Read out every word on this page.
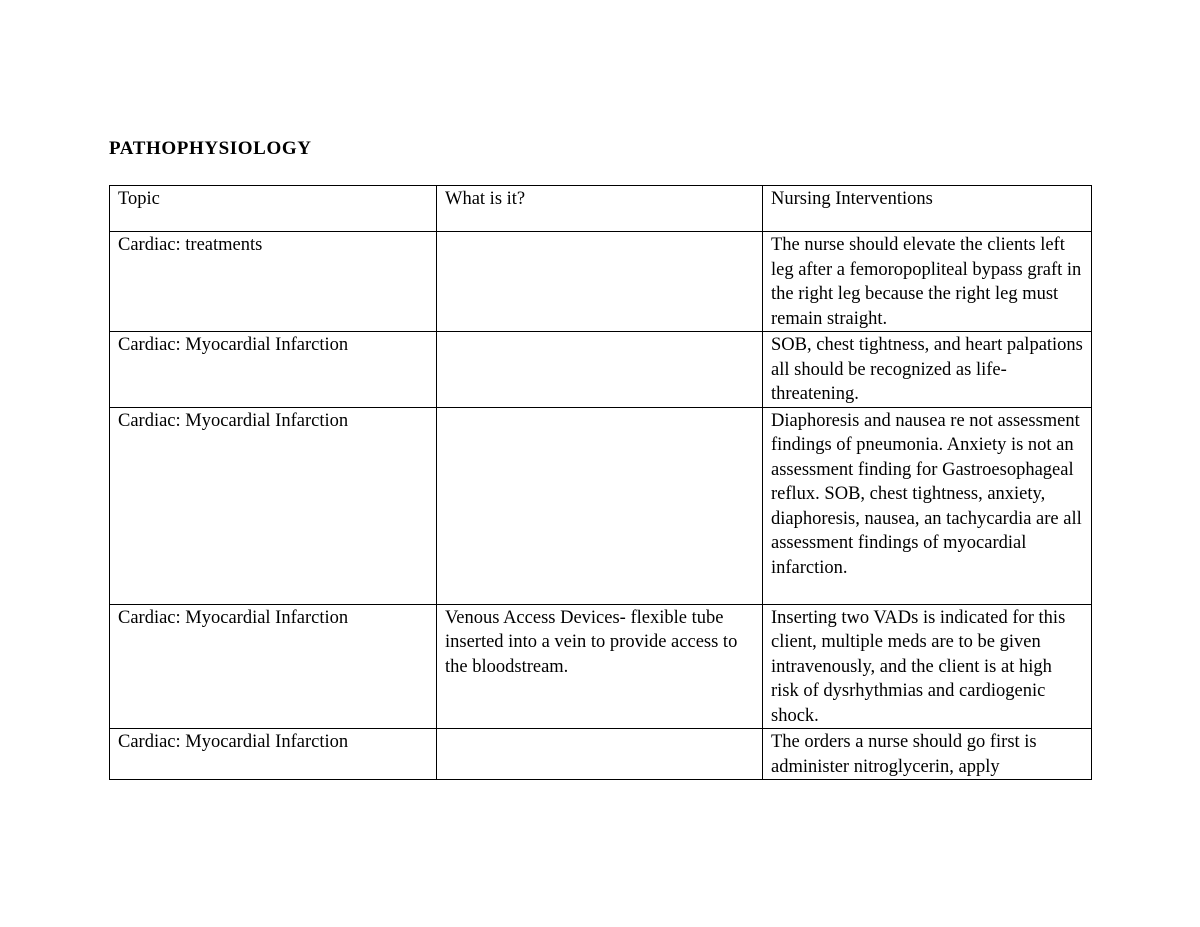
PATHOPHYSIOLOGY
Topic	What is it?	Nursing Interventions
Cardiac: treatments		The nurse should elevate the clients left leg after a femoropopliteal bypass graft in the right leg because the right leg must remain straight.
Cardiac: Myocardial Infarction		SOB, chest tightness, and heart palpations all should be recognized as life-threatening.
Cardiac: Myocardial Infarction		Diaphoresis and nausea re not assessment findings of pneumonia. Anxiety is not an assessment finding for Gastroesophageal reflux. SOB, chest tightness, anxiety, diaphoresis, nausea, an tachycardia are all assessment findings of myocardial infarction.
Cardiac: Myocardial Infarction	Venous Access Devices- flexible tube inserted into a vein to provide access to the bloodstream.	Inserting two VADs is indicated for this client, multiple meds are to be given intravenously, and the client is at high risk of dysrhythmias and cardiogenic shock.
Cardiac: Myocardial Infarction		The orders a nurse should go first is administer nitroglycerin, apply
